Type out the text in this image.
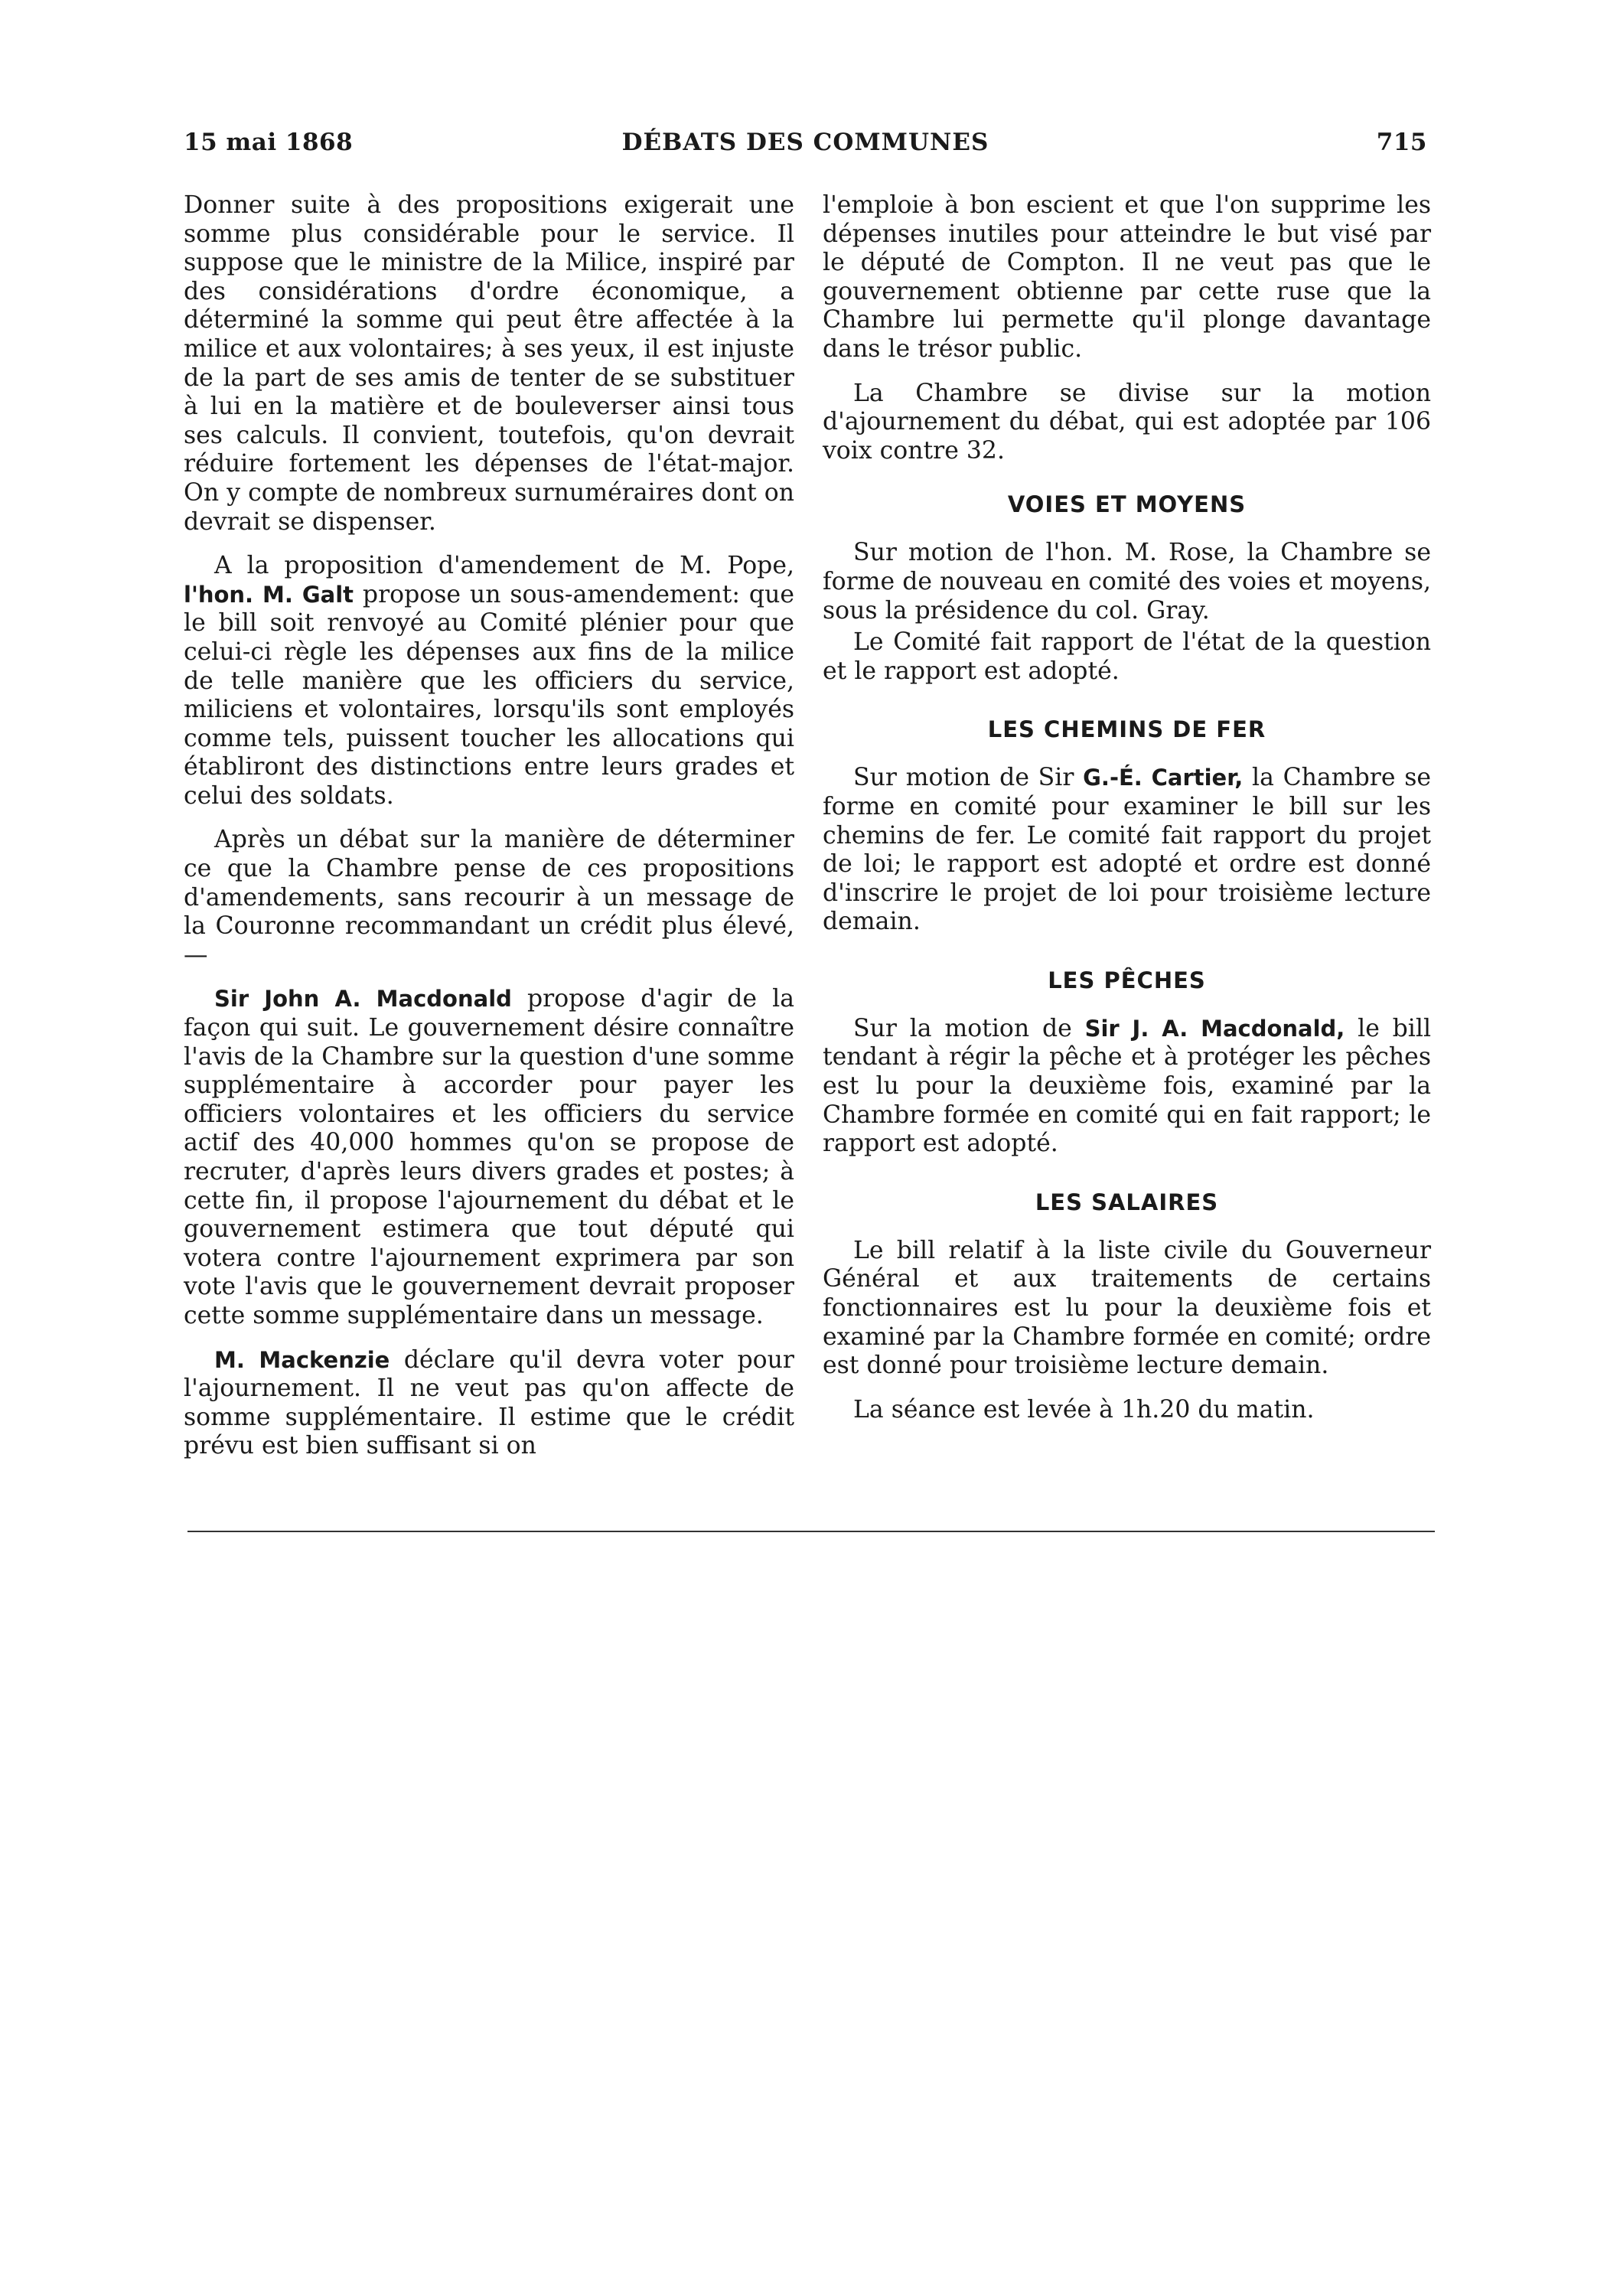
15 mai 1868	DÉBATS DES COMMUNES	715

Donner suite à des propositions exigerait une somme plus considérable pour le service. Il suppose que le ministre de la Milice, inspiré par des considérations d'ordre économique, a déterminé la somme qui peut être affectée à la milice et aux volontaires; à ses yeux, il est injuste de la part de ses amis de tenter de se substituer à lui en la matière et de bouleverser ainsi tous ses calculs. Il convient, toutefois, qu'on devrait réduire fortement les dépenses de l'état-major. On y compte de nombreux surnuméraires dont on devrait se dispenser.

A la proposition d'amendement de M. Pope, l'hon. M. Galt propose un sous-amendement: que le bill soit renvoyé au Comité plénier pour que celui-ci règle les dépenses aux fins de la milice de telle manière que les officiers du service, miliciens et volontaires, lorsqu'ils sont employés comme tels, puissent toucher les allocations qui établiront des distinctions entre leurs grades et celui des soldats.

Après un débat sur la manière de déterminer ce que la Chambre pense de ces propositions d'amendements, sans recourir à un message de la Couronne recommandant un crédit plus élevé,—

Sir John A. Macdonald propose d'agir de la façon qui suit. Le gouvernement désire connaître l'avis de la Chambre sur la question d'une somme supplémentaire à accorder pour payer les officiers volontaires et les officiers du service actif des 40,000 hommes qu'on se propose de recruter, d'après leurs divers grades et postes; à cette fin, il propose l'ajournement du débat et le gouvernement estimera que tout député qui votera contre l'ajournement exprimera par son vote l'avis que le gouvernement devrait proposer cette somme supplémentaire dans un message.

M. Mackenzie déclare qu'il devra voter pour l'ajournement. Il ne veut pas qu'on affecte de somme supplémentaire. Il estime que le crédit prévu est bien suffisant si on

l'emploie à bon escient et que l'on supprime les dépenses inutiles pour atteindre le but visé par le député de Compton. Il ne veut pas que le gouvernement obtienne par cette ruse que la Chambre lui permette qu'il plonge davantage dans le trésor public.

La Chambre se divise sur la motion d'ajournement du débat, qui est adoptée par 106 voix contre 32.

VOIES ET MOYENS

Sur motion de l'hon. M. Rose, la Chambre se forme de nouveau en comité des voies et moyens, sous la présidence du col. Gray.

Le Comité fait rapport de l'état de la question et le rapport est adopté.

LES CHEMINS DE FER

Sur motion de Sir G.-É. Cartier, la Chambre se forme en comité pour examiner le bill sur les chemins de fer. Le comité fait rapport du projet de loi; le rapport est adopté et ordre est donné d'inscrire le projet de loi pour troisième lecture demain.

LES PÊCHES

Sur la motion de Sir J. A. Macdonald, le bill tendant à régir la pêche et à protéger les pêches est lu pour la deuxième fois, examiné par la Chambre formée en comité qui en fait rapport; le rapport est adopté.

LES SALAIRES

Le bill relatif à la liste civile du Gouverneur Général et aux traitements de certains fonctionnaires est lu pour la deuxième fois et examiné par la Chambre formée en comité; ordre est donné pour troisième lecture demain.

La séance est levée à 1h.20 du matin.
